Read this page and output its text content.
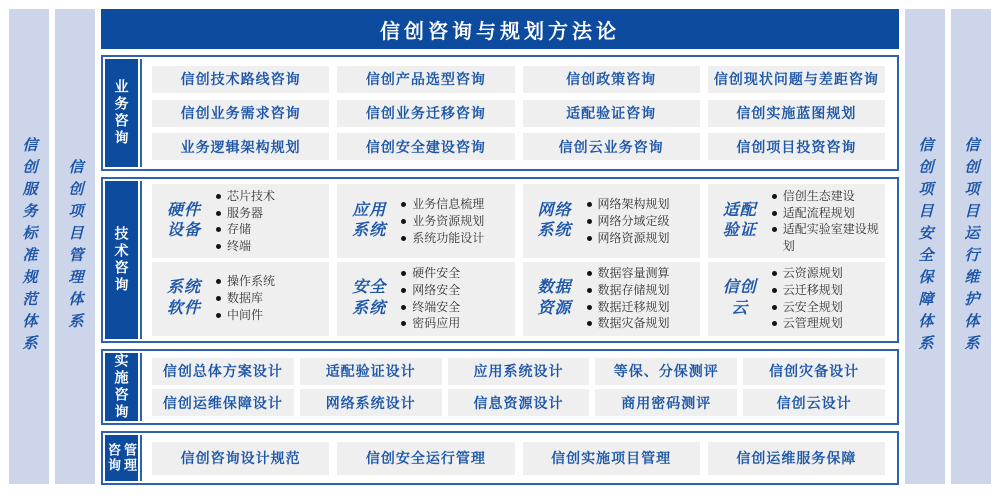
信创服务标准规范体系 信创项目管理体系
信创咨询与规划方法论
业务咨询	信创技术路线咨询	信创产品选型咨询	信创政策咨询	信创现状问题与差距咨询
信创业务需求咨询	信创业务迁移咨询	适配验证咨询	信创实施蓝图规划
业务逻辑架构规划	信创安全建设咨询	信创云业务咨询	信创项目投资咨询
技术咨询
硬件设备
芯片技术
服务器
存储
终端
应用系统
业务信息梳理
业务资源规划
系统功能设计
网络系统
网络架构规划
网络分域定级
网络资源规划
适配验证
信创生态建设
适配流程规划
适配实验室建设规划
系统软件
操作系统
数据库
中间件
安全系统
硬件安全
网络安全
终端安全
密码应用
数据资源
数据容量测算
数据存储规划
数据迁移规划
数据灾备规划
信创云
云资源规划
云迁移规划
云安全规划
云管理规划
实施咨询	信创总体方案设计	适配验证设计	应用系统设计	等保、分保测评	信创灾备设计
信创运维保障设计	网络系统设计	信息资源设计	商用密码测评	信创云设计
咨询 管理	信创咨询设计规范	信创安全运行管理	信创实施项目管理	信创运维服务保障
信创项目安全保障体系 信创项目运行维护体系
